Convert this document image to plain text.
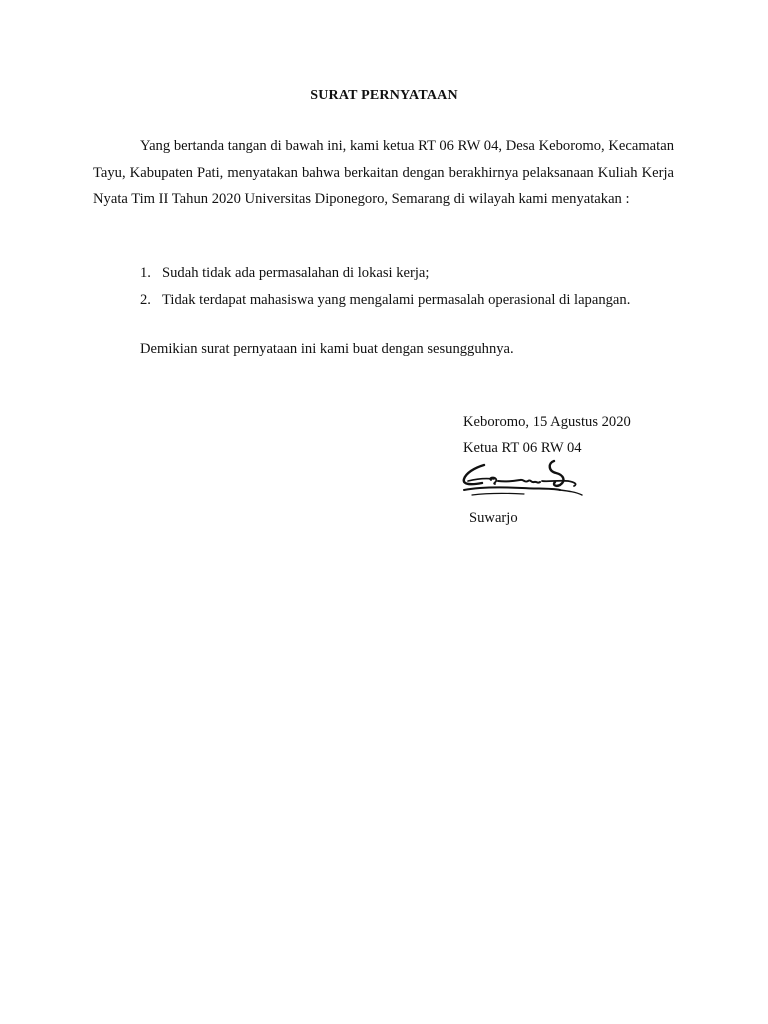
SURAT PERNYATAAN

Yang bertanda tangan di bawah ini, kami ketua RT 06 RW 04, Desa Keboromo, Kecamatan Tayu, Kabupaten Pati, menyatakan bahwa berkaitan dengan berakhirnya pelaksanaan Kuliah Kerja Nyata Tim II Tahun 2020 Universitas Diponegoro, Semarang di wilayah kami menyatakan :

1. Sudah tidak ada permasalahan di lokasi kerja;
2. Tidak terdapat mahasiswa yang mengalami permasalah operasional di lapangan.

Demikian surat pernyataan ini kami buat dengan sesungguhnya.

Keboromo, 15 Agustus 2020
Ketua RT 06 RW 04
Suwarjo
